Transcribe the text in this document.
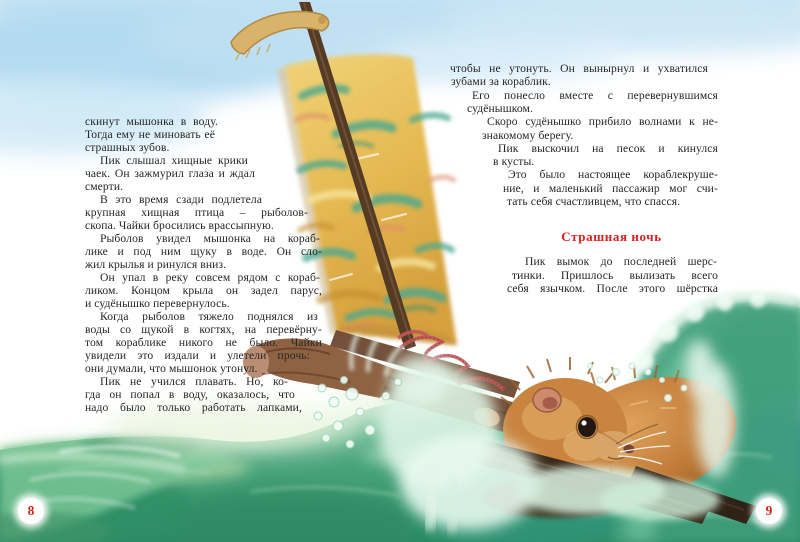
скинут мышонка в воду.
Тогда ему не миновать её
страшных зубов.
Пик слышал хищные крики
чаек. Он зажмурил глаза и ждал
смерти.
В это время сзади подлетела
крупная хищная птица – рыболов-
скопа. Чайки бросились врассыпную.
Рыболов увидел мышонка на кораб-
лике и под ним щуку в воде. Он сло-
жил крылья и ринулся вниз.
Он упал в реку совсем рядом с кораб-
ликом. Концом крыла он задел парус,
и судёнышко перевернулось.
Когда рыболов тяжело поднялся из
воды со щукой в когтях, на перевёрну-
том кораблике никого не было. Чайки
увидели это издали и улетели прочь:
они думали, что мышонок утонул.
Пик не учился плавать. Но, ко-
гда он попал в воду, оказалось, что
надо было только работать лапками,
чтобы не утонуть. Он вынырнул и ухватился
зубами за кораблик.
Его понесло вместе с перевернувшимся
судёнышком.
Скоро судёнышко прибило волнами к не-
знакомому берегу.
Пик выскочил на песок и кинулся
в кусты.
Это было настоящее кораблекруше-
ние, и маленький пассажир мог счи-
тать себя счастливцем, что спасся.
Страшная ночь
Пик вымок до последней шерс-
тинки. Пришлось вылизать всего
себя язычком. После этого шёрстка
8	9
